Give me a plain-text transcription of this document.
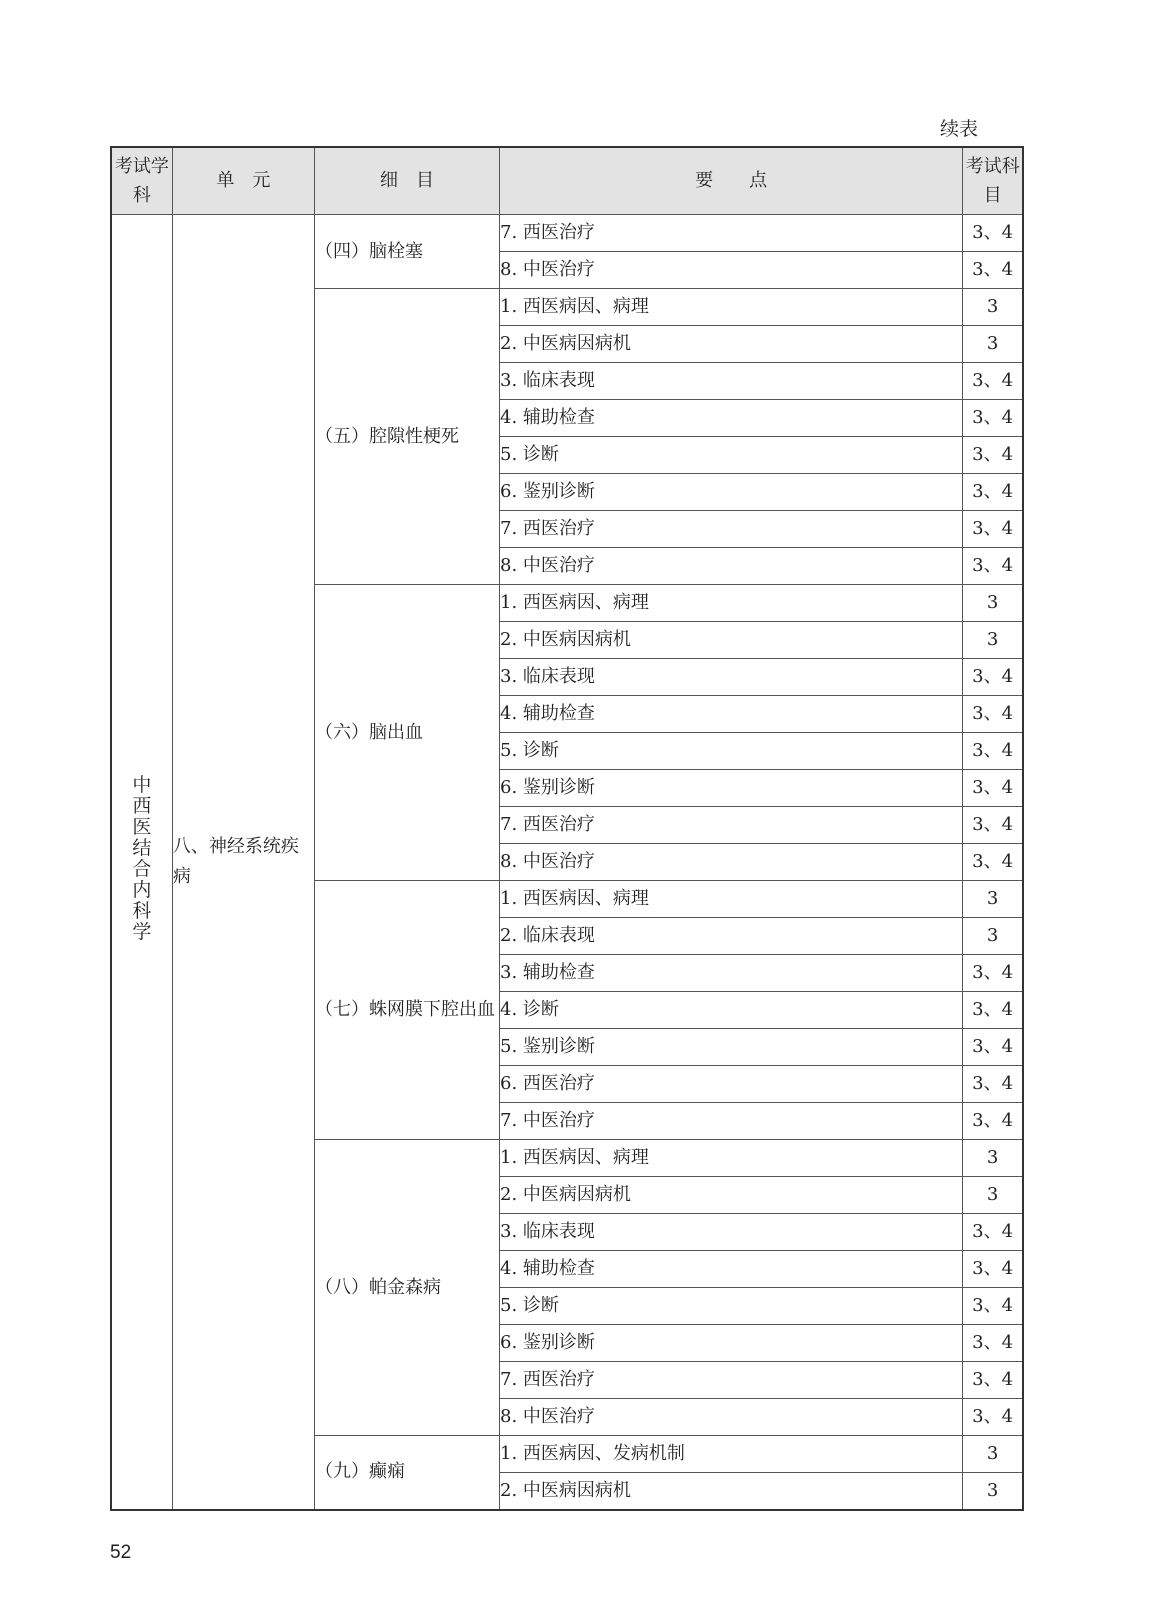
续表
考试学科	单　元	细　目	要　　点	考试科目

中西医结合内科学	八、神经系统疾病	（四）脑栓塞	7. 西医治疗	3、4
			8. 中医治疗	3、4
		（五）腔隙性梗死	1. 西医病因、病理	3
			2. 中医病因病机	3
			3. 临床表现	3、4
			4. 辅助检查	3、4
			5. 诊断	3、4
			6. 鉴别诊断	3、4
			7. 西医治疗	3、4
			8. 中医治疗	3、4
		（六）脑出血	1. 西医病因、病理	3
			2. 中医病因病机	3
			3. 临床表现	3、4
			4. 辅助检查	3、4
			5. 诊断	3、4
			6. 鉴别诊断	3、4
			7. 西医治疗	3、4
			8. 中医治疗	3、4
		（七）蛛网膜下腔出血	1. 西医病因、病理	3
			2. 临床表现	3
			3. 辅助检查	3、4
			4. 诊断	3、4
			5. 鉴别诊断	3、4
			6. 西医治疗	3、4
			7. 中医治疗	3、4
		（八）帕金森病	1. 西医病因、病理	3
			2. 中医病因病机	3
			3. 临床表现	3、4
			4. 辅助检查	3、4
			5. 诊断	3、4
			6. 鉴别诊断	3、4
			7. 西医治疗	3、4
			8. 中医治疗	3、4
		（九）癫痫	1. 西医病因、发病机制	3
			2. 中医病因病机	3
52
